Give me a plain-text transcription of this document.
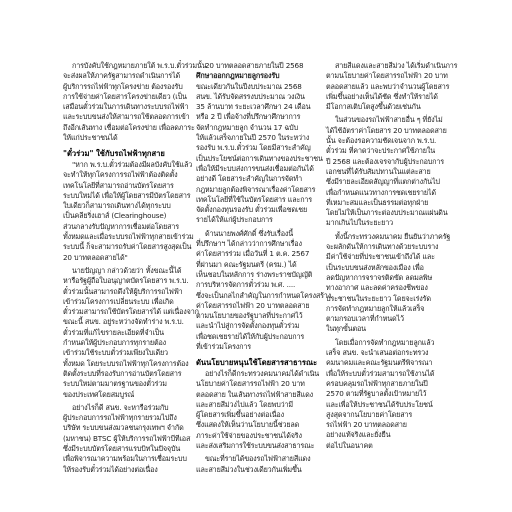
การบังคับใช้กฎหมายภายใต้ พ.ร.บ.ตั๋วร่วมนั้น
จะส่งผลให้ภาครัฐสามารถดำเนินการได้
ผู้บริการรถไฟฟ้าทุกโครงข่าย ต้องรองรับ
การใช้จ่ายค่าโดยสารโครงข่ายเดียว (เป็น
เสมือนตั๋วร่วมในการเดินทางระบบรถไฟฟ้า
และระบบขนส่งให้สามารถใช้ตลอดการเข้า
ถึงอีกเส้นทาง เชื่อมต่อโครงข่าย เพื่อลดภาระ
ให้แก่ประชาชนได้
"ตั๋วร่วม" ใช้กับรถไฟฟ้าทุกสาย
"หาก พ.ร.บ.ตั๋วร่วมต้องมีผลบังคับใช้แล้ว
จะทำให้ทุกโครงการรถไฟฟ้าต้องติดตั้ง
เทคโนโลยีที่สามารถอ่านบัตรโดยสาร
ระบบใหม่ได้ เพื่อให้ผู้โดยสารมีบัตรโดยสาร
ใบเดียวก็สามารถเดินทางได้ทุกระบบ
เป็นคลียริ่งเฮาส์ (Clearinghouse)
ส่วนกลางรับปัญหาการเชื่อมต่อโดยสาร
ทั้งหมดและเมื่อระบบรถไฟฟ้าทุกสายเข้าร่วม
ระบบนี้ ก็จะสามารถรับค่าโดยสารสูงสุดเป็น
20 บาทตลอดสายได้"
นายปัญญา กล่าวด้วยว่า ทั้งขณะนี้ได้
หารือรัฐผู้ถือใบอนุญาตบัตรโดยสาร พ.ร.บ.
ตั๋วร่วมนั้นสามารถดึงให้ผู้บริการรถไฟฟ้า
เข้าร่วมโครงการเปลี่ยนระบบ เพื่อเกิด
ตั๋วร่วมสามารถใช้บัตรโดยสารได้ แต่เนื่องจาก
ขณะนี้ สนข. อยู่ระหว่างจัดทำร่าง พ.ร.บ.
ตั๋วร่วมที่แก้ไขรายละเอียดที่จำเป็น
กำหนดให้ผู้ประกอบการทุกรายต้อง
เข้าร่วมใช้ระบบตั๋วร่วมเพียงใบเดียว
ทั้งหมด โดยระบบรถไฟฟ้าทุกโครงการต้อง
ติดตั้งระบบที่รองรับการอ่านบัตรโดยสาร
ระบบใหม่ตามมาตรฐานของตั๋วร่วม
ของประเทศโดยสมบูรณ์
อย่างไรก็ดี สนข. จะหารือร่วมกับ
ผู้ประกอบการรถไฟฟ้าทุกรายรวมไปถึง
บริษัท ระบบขนส่งมวลชนกรุงเทพฯ จำกัด
(มหาชน) BTSC ผู้ให้บริการรถไฟฟ้าบีทีเอส
ซึ่งมีระบบบัตรโดยสารแรบบิทในปัจจุบัน
เพื่อพิจารณาความพร้อมในการเชื่อมระบบ
ให้รองรับตั๋วร่วมได้อย่างต่อเนื่อง
20 บาทตลอดสายภายในปี 2568
ศึกษาออกกฎหมายลูกรองรับ
ขณะเดียวกันในปีงบประมาณ 2568
สนข. ได้รับจัดสรรงบประมาณ วงเงิน
35 ล้านบาท ระยะเวลาศึกษา 24 เดือน
หรือ 2 ปี เพื่อจ้างที่ปรึกษาศึกษาการ
จัดทำกฎหมายลูก จำนวน 17 ฉบับ
ให้แล้วเสร็จภายในปี 2570 ในระหว่าง
รองรับ พ.ร.บ.ตั๋วร่วม โดยมีสาระสำคัญ
เป็นประโยชน์ต่อการเดินทางของประชาชน
เพื่อให้มีระบบส่งการขนส่งเชื่อมต่อกันได้
อย่างดี โดยสาระสำคัญในการจัดทำ
กฎหมายลูกต้องพิจารณาเรื่องค่าโดยสาร
เทคโนโลยีที่ใช้ในบัตรโดยสาร และการ
จัดตั้งกองทุนรองรับ ตั๋วร่วมเพื่อชดเชย
รายได้ให้แก่ผู้ประกอบการ
ด้านนายพงศ์ศักดิ์ ซึ่งรับเรื่องนี้
ที่ปรึกษาฯ ได้กล่าวว่าการศึกษาเรื่อง
ค่าโดยสารร่วม เมื่อวันที่ 1 ต.ค. 2567
ที่ผ่านมา คณะรัฐมนตรี (ครม.) ได้
เห็นชอบในหลักการ ร่างพระราชบัญญัติ
การบริหารจัดการตั๋วร่วม พ.ศ. ....
ซึ่งจะเป็นกลไกสำคัญในการกำหนดโครงสร้าง
ค่าโดยสารรถไฟฟ้า 20 บาทตลอดสาย
ตามนโยบายของรัฐบาลที่ประกาศไว้
และนำไปสู่การจัดตั้งกองทุนตั๋วร่วม
เพื่อชดเชยรายได้ให้กับผู้ประกอบการ
ที่เข้าร่วมโครงการ
ดันนโยบายหนุนใช้โดยสารสาธารณะ
อย่างไรก็ดีกระทรวงคมนาคมได้ดำเนิน
นโยบายค่าโดยสารรถไฟฟ้า 20 บาท
ตลอดสาย ในเส้นทางรถไฟฟ้าสายสีแดง
และสายสีม่วงไปแล้ว โดยพบว่ามี
ผู้โดยสารเพิ่มขึ้นอย่างต่อเนื่อง
ซึ่งแสดงให้เห็นว่านโยบายนี้ช่วยลด
ภาระค่าใช้จ่ายของประชาชนได้จริง
และส่งเสริมการใช้ระบบขนส่งสาธารณะ
ขณะที่รายได้ของรถไฟฟ้าสายสีแดง
และสายสีม่วงในช่วงเดียวกันเพิ่มขึ้น
สายสีแดงและสายสีม่วง ได้เริ่มดำเนินการ
ตามนโยบายค่าโดยสารรถไฟฟ้า 20 บาท
ตลอดสายแล้ว และพบว่าจำนวนผู้โดยสาร
เพิ่มขึ้นอย่างเห็นได้ชัด ซึ่งทำให้รายได้
มีโอกาสเติบโตสูงขึ้นด้วยเช่นกัน
ในส่วนของรถไฟฟ้าสายอื่น ๆ ที่ยังไม่
ได้ใช้อัตราค่าโดยสาร 20 บาทตลอดสาย
นั้น จะต้องรอความชัดเจนจาก พ.ร.บ.
ตั๋วร่วม ที่คาดว่าจะประกาศใช้ภายใน
ปี 2568 และต้องเจรจากับผู้ประกอบการ
เอกชนที่ได้รับสัมปทานในแต่ละสาย
ซึ่งมีรายละเอียดสัญญาที่แตกต่างกันไป
เพื่อกำหนดแนวทางการชดเชยรายได้
ที่เหมาะสมและเป็นธรรมต่อทุกฝ่าย
โดยไม่ให้เป็นภาระต่องบประมาณแผ่นดิน
มากเกินไปในระยะยาว
ทั้งนี้กระทรวงคมนาคม ยืนยันว่าภาครัฐ
จะผลักดันให้การเดินทางด้วยระบบราง
มีค่าใช้จ่ายที่ประชาชนเข้าถึงได้ และ
เป็นระบบขนส่งหลักของเมือง เพื่อ
ลดปัญหาการจราจรติดขัด ลดมลพิษ
ทางอากาศ และลดค่าครองชีพของ
ประชาชนในระยะยาว โดยจะเร่งรัด
การจัดทำกฎหมายลูกให้แล้วเสร็จ
ตามกรอบเวลาที่กำหนดไว้
ในทุกขั้นตอน
โดยเมื่อการจัดทำกฎหมายลูกแล้ว
เสร็จ สนข. จะนำเสนอต่อกระทรวง
คมนาคมและคณะรัฐมนตรีพิจารณา
เพื่อให้ระบบตั๋วร่วมสามารถใช้งานได้
ครอบคลุมรถไฟฟ้าทุกสายภายในปี
2570 ตามที่รัฐบาลตั้งเป้าหมายไว้
และเพื่อให้ประชาชนได้รับประโยชน์
สูงสุดจากนโยบายค่าโดยสาร
รถไฟฟ้า 20 บาทตลอดสาย
อย่างแท้จริงและยั่งยืน
ต่อไปในอนาคต
